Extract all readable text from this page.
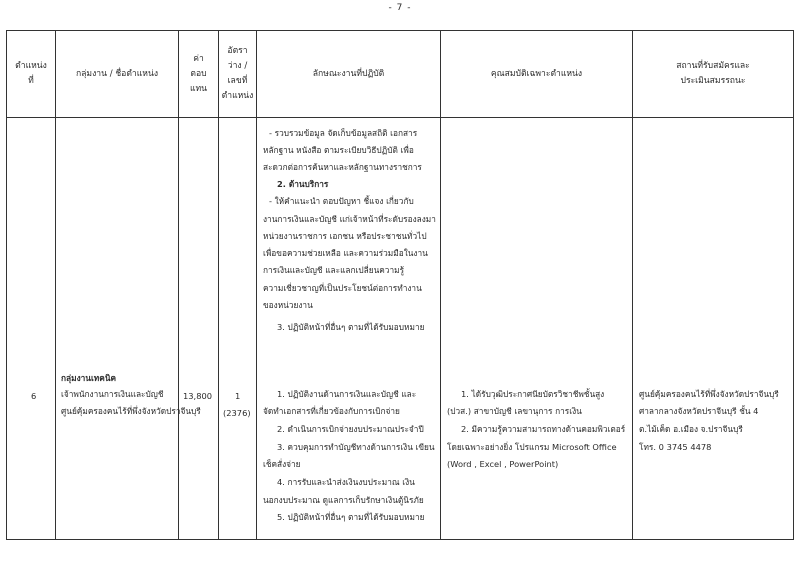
- 7 -
ตำแหน่ง
ที่
กลุ่มงาน / ชื่อตำแหน่ง
ค่า
ตอบ
แทน
อัตรา
ว่าง /
เลขที่
ตำแหน่ง
ลักษณะงานที่ปฏิบัติ	คุณสมบัติเฉพาะตำแหน่ง
สถานที่รับสมัครและ
ประเมินสมรรถนะ
6
กลุ่มงานเทคนิค
เจ้าพนักงานการเงินและบัญชี
ศูนย์คุ้มครองคนไร้ที่พึ่งจังหวัดปราจีนบุรี
13,800	1
(2376)
- รวบรวมข้อมูล จัดเก็บข้อมูลสถิติ เอกสาร
หลักฐาน หนังสือ ตามระเบียบวิธีปฏิบัติ เพื่อ
สะดวกต่อการค้นหาและหลักฐานทางราชการ
2. ด้านบริการ
- ให้คำแนะนำ ตอบปัญหา ชี้แจง เกี่ยวกับ
งานการเงินและบัญชี แก่เจ้าหน้าที่ระดับรองลงมา
หน่วยงานราชการ เอกชน หรือประชาชนทั่วไป
เพื่อขอความช่วยเหลือ และความร่วมมือในงาน
การเงินและบัญชี และแลกเปลี่ยนความรู้
ความเชี่ยวชาญที่เป็นประโยชน์ต่อการทำงาน
ของหน่วยงาน
3. ปฏิบัติหน้าที่อื่นๆ ตามที่ได้รับมอบหมาย
1. ปฏิบัติงานด้านการเงินและบัญชี และ
จัดทำเอกสารที่เกี่ยวข้องกับการเบิกจ่าย
2. ดำเนินการเบิกจ่ายงบประมาณประจำปี
3. ควบคุมการทำบัญชีทางด้านการเงิน เขียน
เช็คสั่งจ่าย
4. การรับและนำส่งเงินงบประมาณ เงิน
นอกงบประมาณ ดูแลการเก็บรักษาเงินตู้นิรภัย
5. ปฏิบัติหน้าที่อื่นๆ ตามที่ได้รับมอบหมาย
1. ได้รับวุฒิประกาศนียบัตรวิชาชีพชั้นสูง
(ปวส.) สาขาบัญชี เลขานุการ การเงิน
2. มีความรู้ความสามารถทางด้านคอมพิวเตอร์
โดยเฉพาะอย่างยิ่ง โปรแกรม Microsoft Office
(Word , Excel , PowerPoint)
ศูนย์คุ้มครองคนไร้ที่พึ่งจังหวัดปราจีนบุรี
ศาลากลางจังหวัดปราจีนบุรี ชั้น 4
ต.ไม้เค็ด อ.เมือง จ.ปราจีนบุรี
โทร. 0 3745 4478
